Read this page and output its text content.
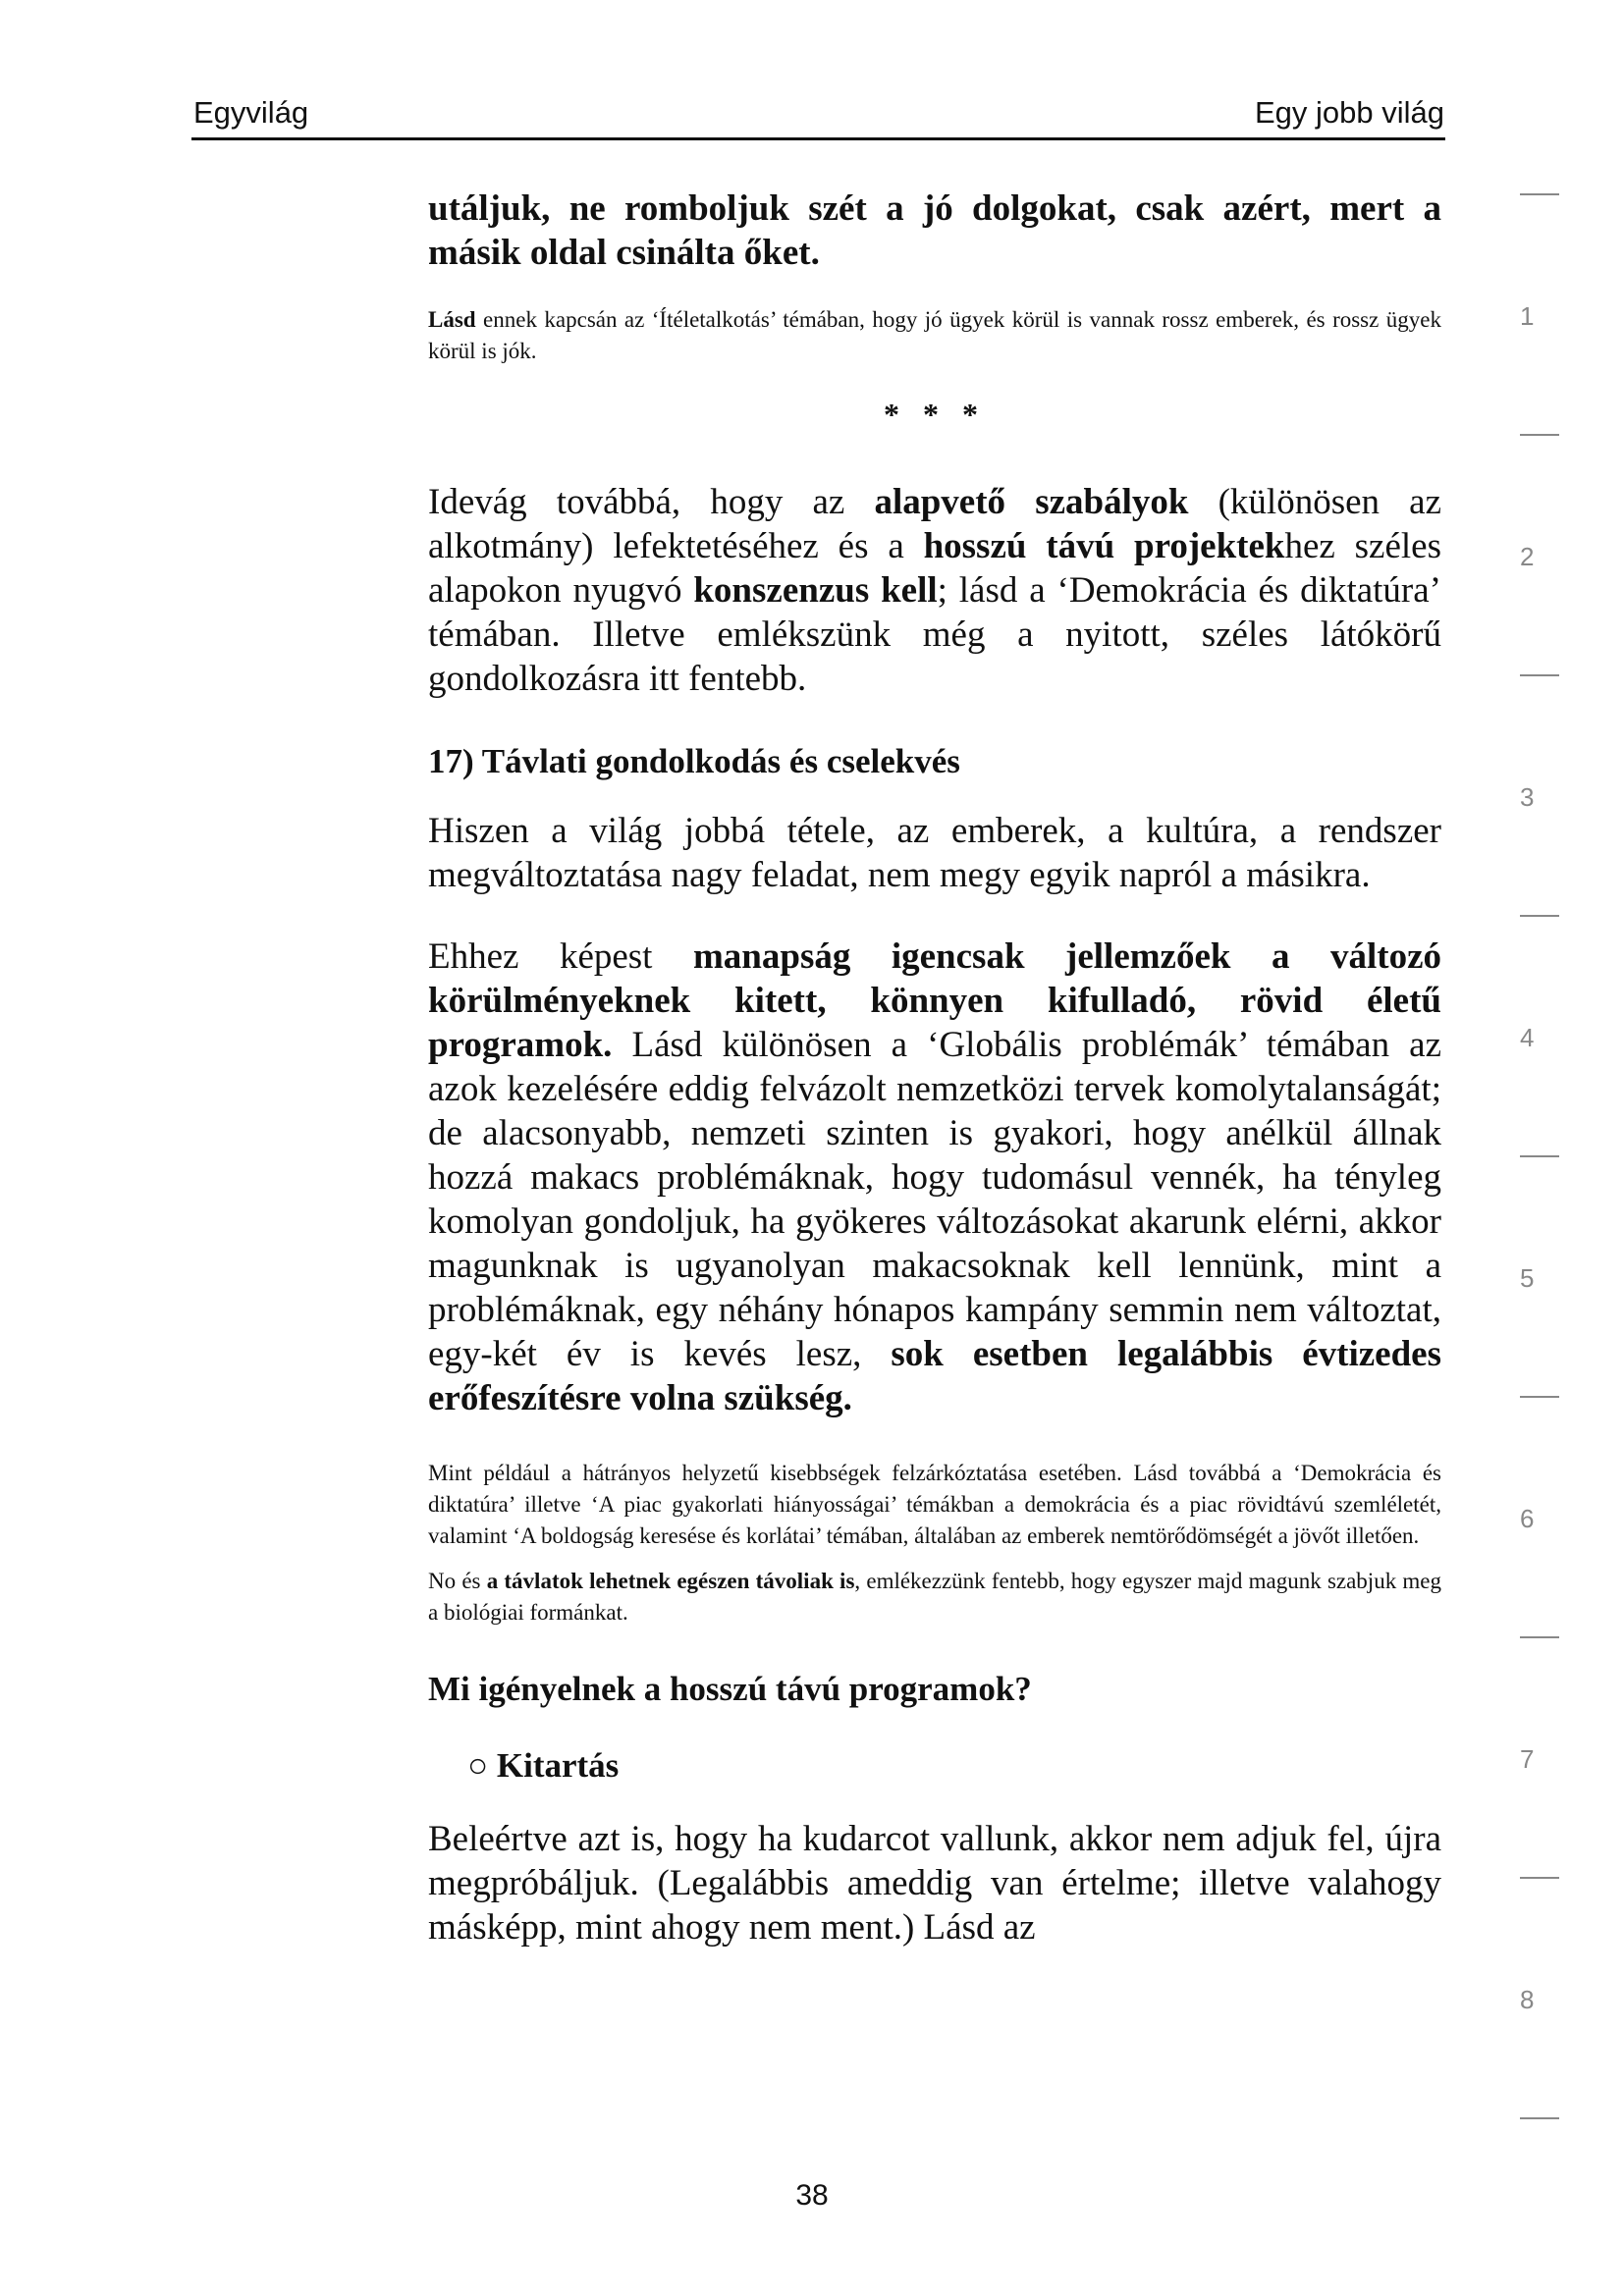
Egyvilág	Egy jobb világ

utáljuk, ne romboljuk szét a jó dolgokat, csak azért, mert a másik oldal csinálta őket.

Lásd ennek kapcsán az ‘Ítéletalkotás’ témában, hogy jó ügyek körül is vannak rossz emberek, és rossz ügyek körül is jók.

* * *

Idevág továbbá, hogy az alapvető szabályok (különösen az alkotmány) lefektetéséhez és a hosszú távú projektekhez széles alapokon nyugvó konszenzus kell; lásd a ‘Demokrácia és diktatúra’ témában. Illetve emlékszünk még a nyitott, széles látókörű gondolkozásra itt fentebb.

17) Távlati gondolkodás és cselekvés

Hiszen a világ jobbá tétele, az emberek, a kultúra, a rendszer megváltoztatása nagy feladat, nem megy egyik napról a másikra.

Ehhez képest manapság igencsak jellemzőek a változó körülményeknek kitett, könnyen kifulladó, rövid életű programok. Lásd különösen a ‘Globális problémák’ témában az azok kezelésére eddig felvázolt nemzetközi tervek komolytalanságát; de alacsonyabb, nemzeti szinten is gyakori, hogy anélkül állnak hozzá makacs problémáknak, hogy tudomásul vennék, ha tényleg komolyan gondoljuk, ha gyökeres változásokat akarunk elérni, akkor magunknak is ugyanolyan makacsoknak kell lennünk, mint a problémáknak, egy néhány hónapos kampány semmin nem változtat, egy-két év is kevés lesz, sok esetben legalábbis évtizedes erőfeszítésre volna szükség.

Mint például a hátrányos helyzetű kisebbségek felzárkóztatása esetében. Lásd továbbá a ‘Demokrácia és diktatúra’ illetve ‘A piac gyakorlati hiányosságai’ témákban a demokrácia és a piac rövidtávú szemléletét, valamint ‘A boldogság keresése és korlátai’ témában, általában az emberek nemtörődömségét a jövőt illetően.

No és a távlatok lehetnek egészen távoliak is, emlékezzünk fentebb, hogy egyszer majd magunk szabjuk meg a biológiai formánkat.

Mi igényelnek a hosszú távú programok?
○ Kitartás

Beleértve azt is, hogy ha kudarcot vallunk, akkor nem adjuk fel, újra megpróbáljuk. (Legalábbis ameddig van értelme; illetve valahogy másképp, mint ahogy nem ment.) Lásd az

1
2
3
4
5
6
7
8
38
